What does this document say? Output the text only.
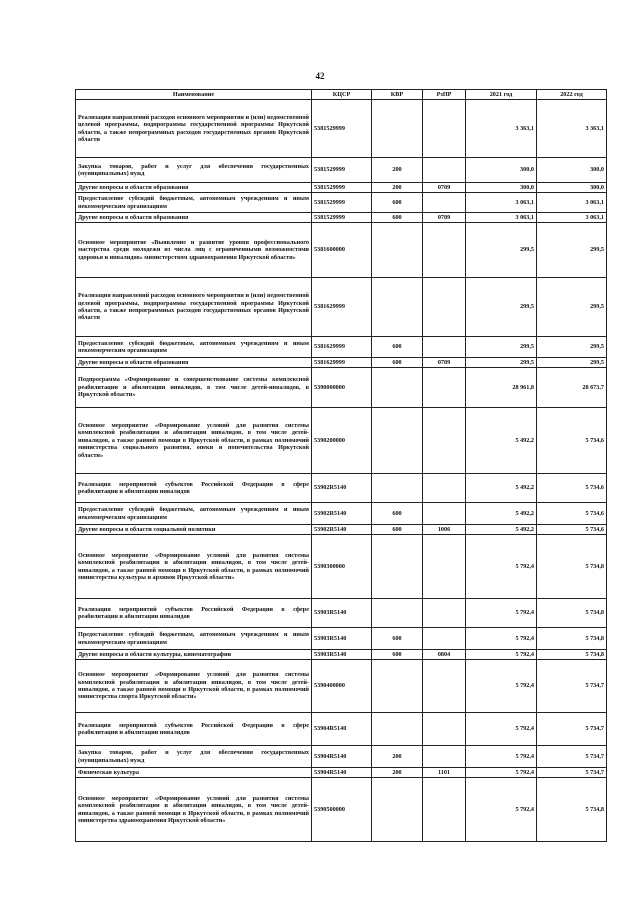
42
Наименование	КЦСР	КВР	РзПР	2021 год	2022 год
Реализация направлений расходов основного мероприятия и (или) ведомственной целевой программы, подпрограммы государственной программы Иркутской области, а также непрограммных расходов государственных органов Иркутской области	5381529999			3 363,1	3 363,1
Закупка товаров, работ и услуг для обеспечения государственных (муниципальных) нужд	5381529999	200		300,0	300,0
Другие вопросы в области образования	5381529999	200	0709	300,0	300,0
Предоставление субсидий бюджетным, автономным учреждениям и иным некоммерческим организациям	5381529999	600		3 063,1	3 063,1
Другие вопросы в области образования	5381529999	600	0709	3 063,1	3 063,1
Основное мероприятие «Выявление и развитие уровня профессионального мастерства среди молодежи из числа лиц с ограниченными возможностями здоровья и инвалидов» министерством здравоохранения Иркутской области»	5381600000			299,5	299,5
Реализация направлений расходов основного мероприятия и (или) ведомственной целевой программы, подпрограммы государственной программы Иркутской области, а также непрограммных расходов государственных органов Иркутской области	5381629999			299,5	299,5
Предоставление субсидий бюджетным, автономным учреждениям и иным некоммерческим организациям	5381629999	600		299,5	299,5
Другие вопросы в области образования	5381629999	600	0709	299,5	299,5
Подпрограмма «Формирование и совершенствование системы комплексной реабилитации и абилитации инвалидов, в том числе детей-инвалидов, в Иркутской области»	5390000000			28 961,8	28 673,7
Основное мероприятие «Формирование условий для развития системы комплексной реабилитации и абилитации инвалидов, в том числе детей-инвалидов, а также ранней помощи в Иркутской области, в рамках полномочий министерства социального развития, опеки и попечительства Иркутской области»	5390200000			5 492,2	5 734,6
Реализация мероприятий субъектов Российской Федерации в сфере реабилитации и абилитации инвалидов	53902R5140			5 492,2	5 734,6
Предоставление субсидий бюджетным, автономным учреждениям и иным некоммерческим организациям	53902R5140	600		5 492,2	5 734,6
Другие вопросы в области социальной политики	53902R5140	600	1006	5 492,2	5 734,6
Основное мероприятие «Формирование условий для развития системы комплексной реабилитации и абилитации инвалидов, в том числе детей-инвалидов, а также ранней помощи в Иркутской области, в рамках полномочий министерства культуры и архивов Иркутской области»	5390300000			5 792,4	5 734,8
Реализация мероприятий субъектов Российской Федерации в сфере реабилитации и абилитации инвалидов	53903R5140			5 792,4	5 734,8
Предоставление субсидий бюджетным, автономным учреждениям и иным некоммерческим организациям	53903R5140	600		5 792,4	5 734,8
Другие вопросы в области культуры, кинематографии	53903R5140	600	0804	5 792,4	5 734,8
Основное мероприятие «Формирование условий для развития системы комплексной реабилитации и абилитации инвалидов, в том числе детей-инвалидов, а также ранней помощи в Иркутской области, в рамках полномочий министерства спорта Иркутской области»	5390400000			5 792,4	5 734,7
Реализация мероприятий субъектов Российской Федерации в сфере реабилитации и абилитации инвалидов	53904R5140			5 792,4	5 734,7
Закупка товаров, работ и услуг для обеспечения государственных (муниципальных) нужд	53904R5140	200		5 792,4	5 734,7
Физическая культура	53904R5140	200	1101	5 792,4	5 734,7
Основное мероприятие «Формирование условий для развития системы комплексной реабилитации и абилитации инвалидов, в том числе детей-инвалидов, а также ранней помощи в Иркутской области, в рамках полномочий министерства здравоохранения Иркутской области»	5390500000			5 792,4	5 734,8
